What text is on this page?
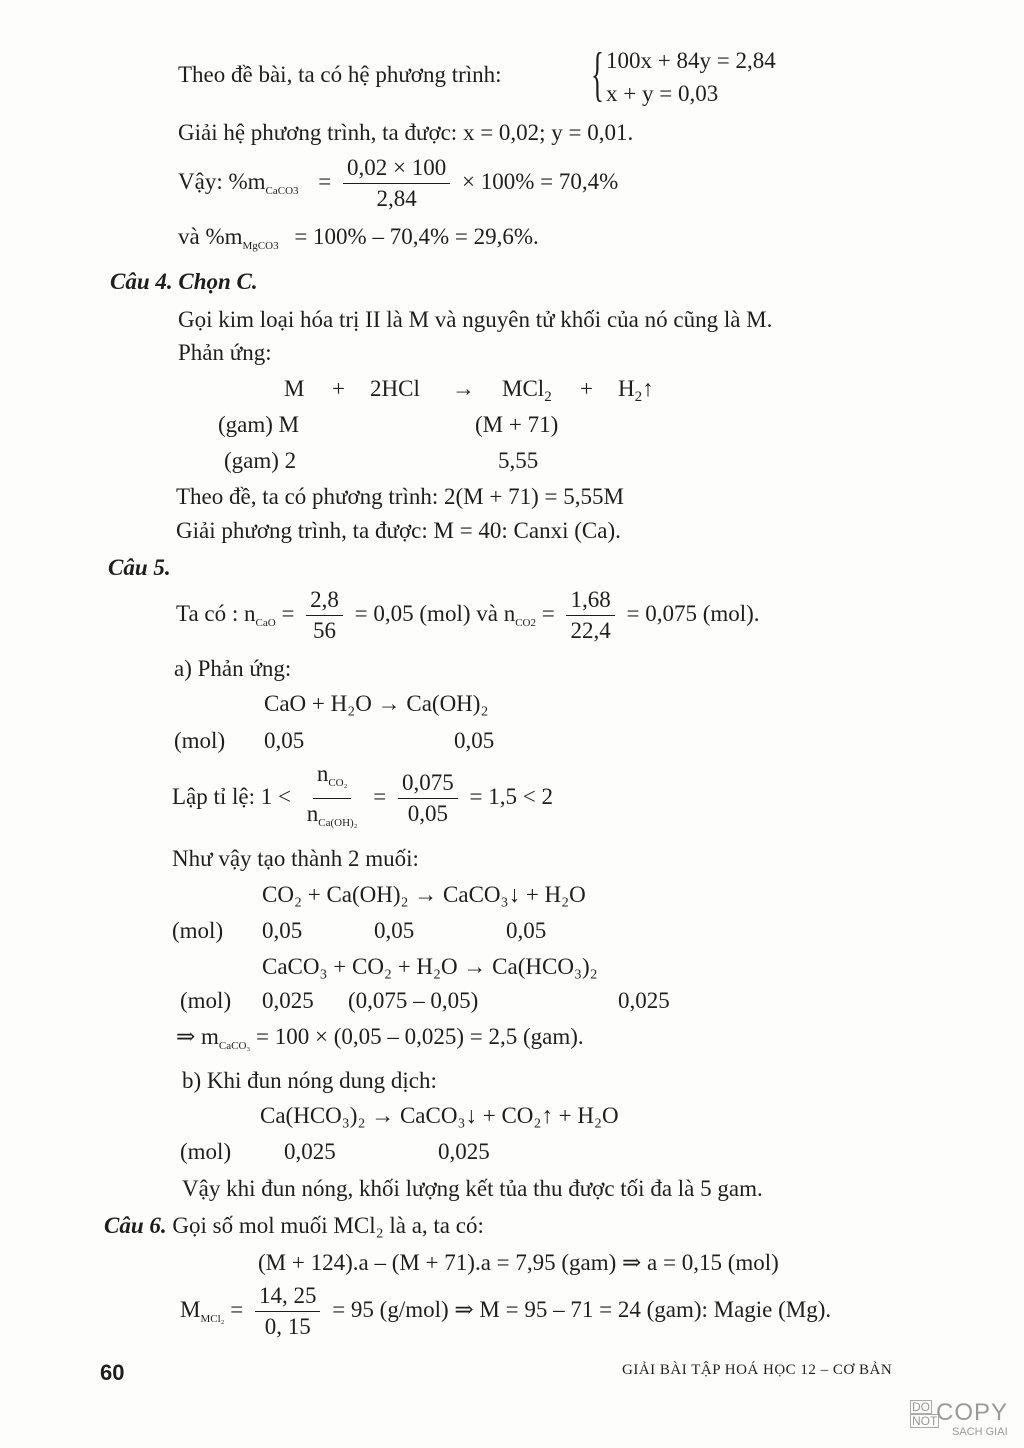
Theo đề bài, ta có hệ phương trình: { 100x + 84y = 2,84
x + y = 0,03
Giải hệ phương trình, ta được: x = 0,02; y = 0,01.
Vậy: $\%m_{CaCO3} = \frac{0,02 \times 100}{2,84} \times 100\% = 70,4\%$
và $\%m_{MgCO3} = 100\% - 70,4\% = 29,6\%$.
Câu 4. Chọn C.
Gọi kim loại hóa trị II là M và nguyên tử khối của nó cũng là M.
Phản ứng:
$M + 2HCl \to MCl_2 + H_2↑$
(gam) M	(M + 71)
(gam) 2	5,55
Theo đề, ta có phương trình: 2(M + 71) = 5,55M
Giải phương trình, ta được: M = 40: Canxi (Ca).
Câu 5.
Ta có : $n_{CaO} = \frac{2,8}{56} = 0,05$ (mol) và $n_{CO2} = \frac{1,68}{22,4} = 0,075$ (mol).
a) Phản ứng:
CaO + H₂O → Ca(OH)₂
(mol) 0,05	0,05
Lập tỉ lệ: $1 < \frac{n_{CO_2}}{n_{Ca(OH)_2}} = \frac{0,075}{0,05} = 1,5 < 2$
Như vậy tạo thành 2 muối:
CO₂ + Ca(OH)₂ → CaCO₃↓ + H₂O
(mol) 0,05	0,05	0,05
CaCO₃ + CO₂ + H₂O → Ca(HCO₃)₂
(mol) 0,025 (0,075 – 0,05)	0,025
⇒ $m_{CaCO_3} = 100 \times (0,05 - 0,025) = 2,5$ (gam).
b) Khi đun nóng dung dịch:
Ca(HCO₃)₂ → CaCO₃↓ + CO₂↑ + H₂O
(mol) 0,025	0,025
Vậy khi đun nóng, khối lượng kết tủa thu được tối đa là 5 gam.
Câu 6. Gọi số mol muối MCl₂ là a, ta có:
(M + 124).a – (M + 71).a = 7,95 (gam) ⇒ a = 0,15 (mol)
$M_{MCl_2} = \frac{14, 25}{0, 15} = 95$ (g/mol) ⇒ M = 95 – 71 = 24 (gam): Magie (Mg).
60	GIẢI BÀI TẬP HOÁ HỌC 12 – CƠ BẢN
DO
NOT
COPY
SACH GIAI
